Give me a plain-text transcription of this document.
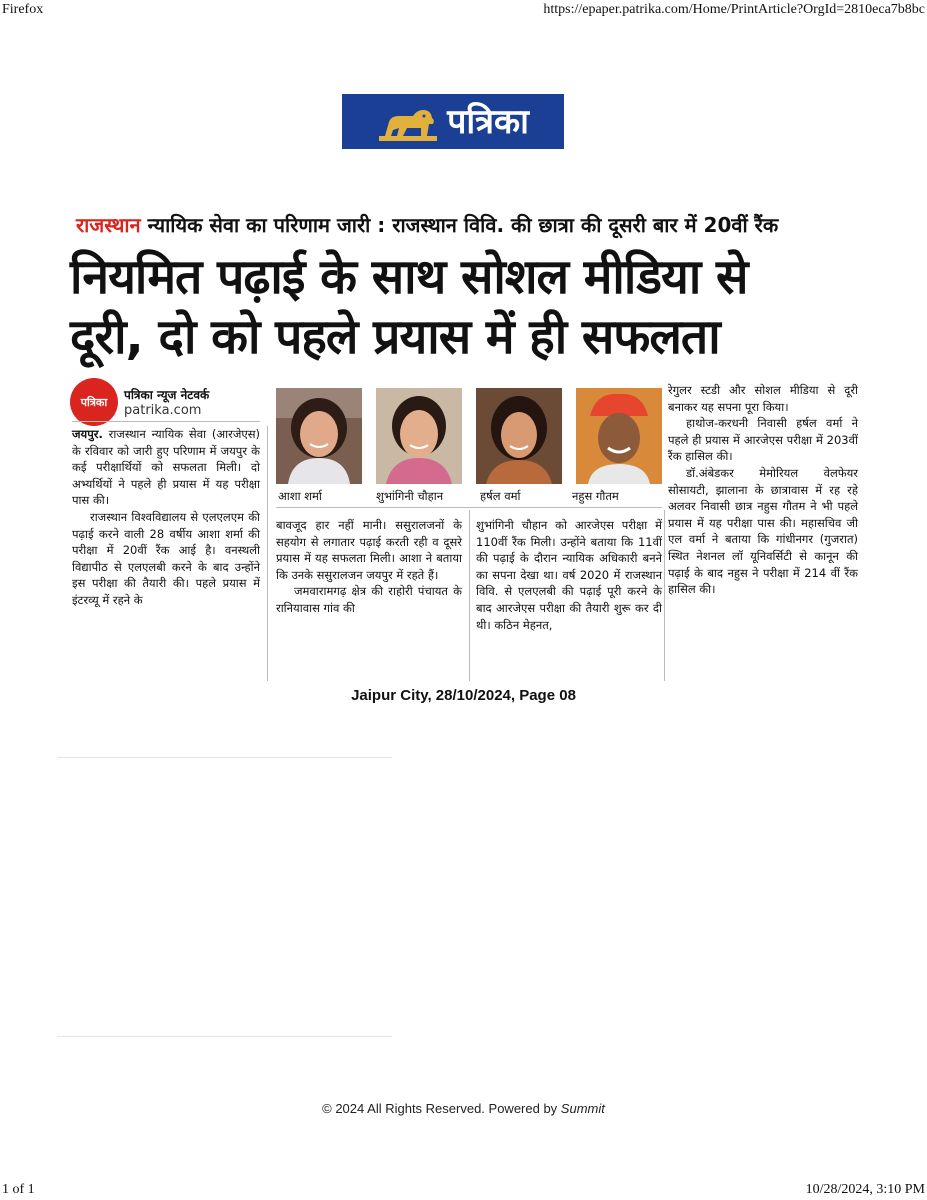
Firefox	https://epaper.patrika.com/Home/PrintArticle?OrgId=2810eca7b8bc
पत्रिका
राजस्थान न्यायिक सेवा का परिणाम जारी : राजस्थान विवि. की छात्रा की दूसरी बार में 20वीं रैंक
नियमित पढ़ाई के साथ सोशल मीडिया से
दूरी, दो को पहले प्रयास में ही सफलता
पत्रिका	पत्रिका न्यूज नेटवर्क
patrika.com
आशा शर्मा	शुभांगिनी चौहान	हर्षल वर्मा	नहुस गौतम

जयपुर. राजस्थान न्यायिक सेवा (आरजेएस) के रविवार को जारी हुए परिणाम में जयपुर के कई परीक्षार्थियों को सफलता मिली। दो अभ्यर्थियों ने पहले ही प्रयास में यह परीक्षा पास की।

राजस्थान विश्वविद्यालय से एलएलएम की पढ़ाई करने वाली 28 वर्षीय आशा शर्मा की परीक्षा में 20वीं रैंक आई है। वनस्थली विद्यापीठ से एलएलबी करने के बाद उन्होंने इस परीक्षा की तैयारी की। पहले प्रयास में इंटरव्यू में रहने के

बावजूद हार नहीं मानी। ससुरालजनों के सहयोग से लगातार पढ़ाई करती रही व दूसरे प्रयास में यह सफलता मिली। आशा ने बताया कि उनके ससुरालजन जयपुर में रहते हैं।

जमवारामगढ़ क्षेत्र की राहोरी पंचायत के रानियावास गांव की

शुभांगिनी चौहान को आरजेएस परीक्षा में 110वीं रैंक मिली। उन्होंने बताया कि 11वीं की पढ़ाई के दौरान न्यायिक अधिकारी बनने का सपना देखा था। वर्ष 2020 में राजस्थान विवि. से एलएलबी की पढ़ाई पूरी करने के बाद आरजेएस परीक्षा की तैयारी शुरू कर दी थी। कठिन मेहनत,

रेगुलर स्टडी और सोशल मीडिया से दूरी बनाकर यह सपना पूरा किया।

हाथोज-करधनी निवासी हर्षल वर्मा ने पहले ही प्रयास में आरजेएस परीक्षा में 203वीं रैंक हासिल की।

डॉ.अंबेडकर मेमोरियल वेलफेयर सोसायटी, झालाना के छात्रावास में रह रहे अलवर निवासी छात्र नहुस गौतम ने भी पहले प्रयास में यह परीक्षा पास की। महासचिव जी एल वर्मा ने बताया कि गांधीनगर (गुजरात) स्थित नेशनल लॉ यूनिवर्सिटी से कानून की पढ़ाई के बाद नहुस ने परीक्षा में 214 वीं रैंक हासिल की।

Jaipur City, 28/10/2024, Page 08
© 2024 All Rights Reserved. Powered by Summit
1 of 1	10/28/2024, 3:10 PM
